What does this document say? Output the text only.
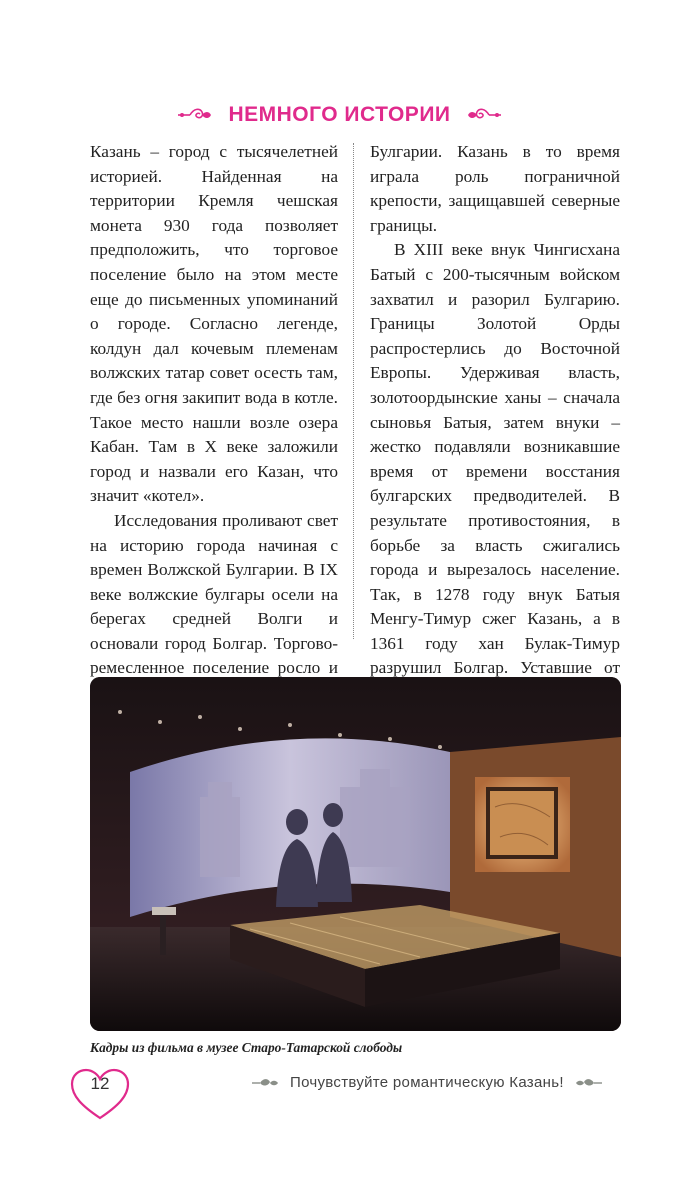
НЕМНОГО ИСТОРИИ

Казань – город с тысячелетней историей. Найденная на территории Кремля чешская монета 930 года позволяет предположить, что торговое поселение было на этом месте еще до письменных упоминаний о городе. Согласно легенде, колдун дал кочевым племенам волжских татар совет осесть там, где без огня закипит вода в котле. Такое место нашли возле озера Кабан. Там в X веке заложили город и назвали его Казан, что значит «котел».

Исследования проливают свет на историю города начиная с времен Волжской Булгарии. В IX веке волжские булгары осели на берегах средней Волги и основали город Болгар. Торгово-ремесленное поселение росло и

Булгарии. Казань в то время играла роль пограничной крепости, защищавшей северные границы.

В XIII веке внук Чингисхана Батый с 200-тысячным войском захватил и разорил Булгарию. Границы Золотой Орды распростерлись до Восточной Европы. Удерживая власть, золотоордынские ханы – сначала сыновья Батыя, затем внуки – жестко подавляли возникавшие время от времени восстания булгарских предводителей. В результате противостояния, в борьбе за власть сжигались города и вырезалось население. Так, в 1278 году внук Батыя Менгу-Тимур сжег Казань, а в 1361 году хан Булак-Тимур разрушил Болгар. Уставшие от

Кадры из фильма в музее Старо-Татарской слободы
12	Почувствуйте романтическую Казань!
